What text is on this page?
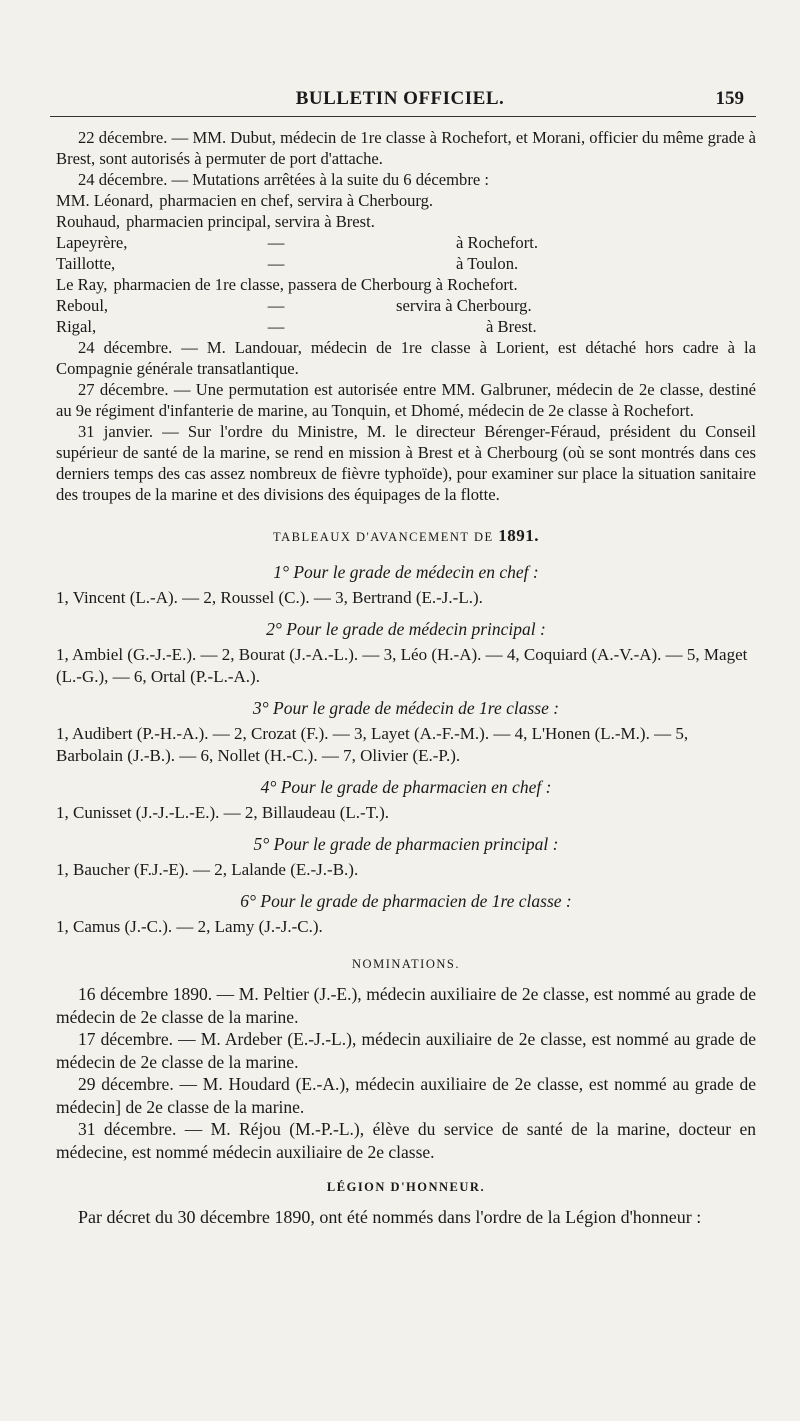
BULLETIN OFFICIEL.	159

22 décembre. — MM. Dubut, médecin de 1re classe à Rochefort, et Morani, officier du même grade à Brest, sont autorisés à permuter de port d'attache.

24 décembre. — Mutations arrêtées à la suite du 6 décembre :

MM. Léonard, pharmacien en chef, servira à Cherbourg.
Rouhaud, pharmacien principal, servira à Brest.
Lapeyrère,	—	à Rochefort.
Taillotte,	—	à Toulon.
Le Ray, pharmacien de 1re classe, passera de Cherbourg à Rochefort.
Reboul,	—	servira à Cherbourg.
Rigal,	—	à Brest.

24 décembre. — M. Landouar, médecin de 1re classe à Lorient, est détaché hors cadre à la Compagnie générale transatlantique.

27 décembre. — Une permutation est autorisée entre MM. Galbruner, médecin de 2e classe, destiné au 9e régiment d'infanterie de marine, au Tonquin, et Dhomé, médecin de 2e classe à Rochefort.

31 janvier. — Sur l'ordre du Ministre, M. le directeur Bérenger-Féraud, président du Conseil supérieur de santé de la marine, se rend en mission à Brest et à Cherbourg (où se sont montrés dans ces derniers temps des cas assez nombreux de fièvre typhoïde), pour examiner sur place la situation sanitaire des troupes de la marine et des divisions des équipages de la flotte.

TABLEAUX D'AVANCEMENT DE 1891.
1° Pour le grade de médecin en chef :

1, Vincent (L.-A). — 2, Roussel (C.). — 3, Bertrand (E.-J.-L.).

2° Pour le grade de médecin principal :

1, Ambiel (G.-J.-E.). — 2, Bourat (J.-A.-L.). — 3, Léo (H.-A). — 4, Coquiard (A.-V.-A). — 5, Maget (L.-G.), — 6, Ortal (P.-L.-A.).

3° Pour le grade de médecin de 1re classe :

1, Audibert (P.-H.-A.). — 2, Crozat (F.). — 3, Layet (A.-F.-M.). — 4, L'Honen (L.-M.). — 5, Barbolain (J.-B.). — 6, Nollet (H.-C.). — 7, Olivier (E.-P.).

4° Pour le grade de pharmacien en chef :

1, Cunisset (J.-J.-L.-E.). — 2, Billaudeau (L.-T.).

5° Pour le grade de pharmacien principal :

1, Baucher (F.J.-E). — 2, Lalande (E.-J.-B.).

6° Pour le grade de pharmacien de 1re classe :

1, Camus (J.-C.). — 2, Lamy (J.-J.-C.).

NOMINATIONS.

16 décembre 1890. — M. Peltier (J.-E.), médecin auxiliaire de 2e classe, est nommé au grade de médecin de 2e classe de la marine.

17 décembre. — M. Ardeber (E.-J.-L.), médecin auxiliaire de 2e classe, est nommé au grade de médecin de 2e classe de la marine.

29 décembre. — M. Houdard (E.-A.), médecin auxiliaire de 2e classe, est nommé au grade de médecin] de 2e classe de la marine.

31 décembre. — M. Réjou (M.-P.-L.), élève du service de santé de la marine, docteur en médecine, est nommé médecin auxiliaire de 2e classe.

LÉGION D'HONNEUR.

Par décret du 30 décembre 1890, ont été nommés dans l'ordre de la Légion d'honneur :
